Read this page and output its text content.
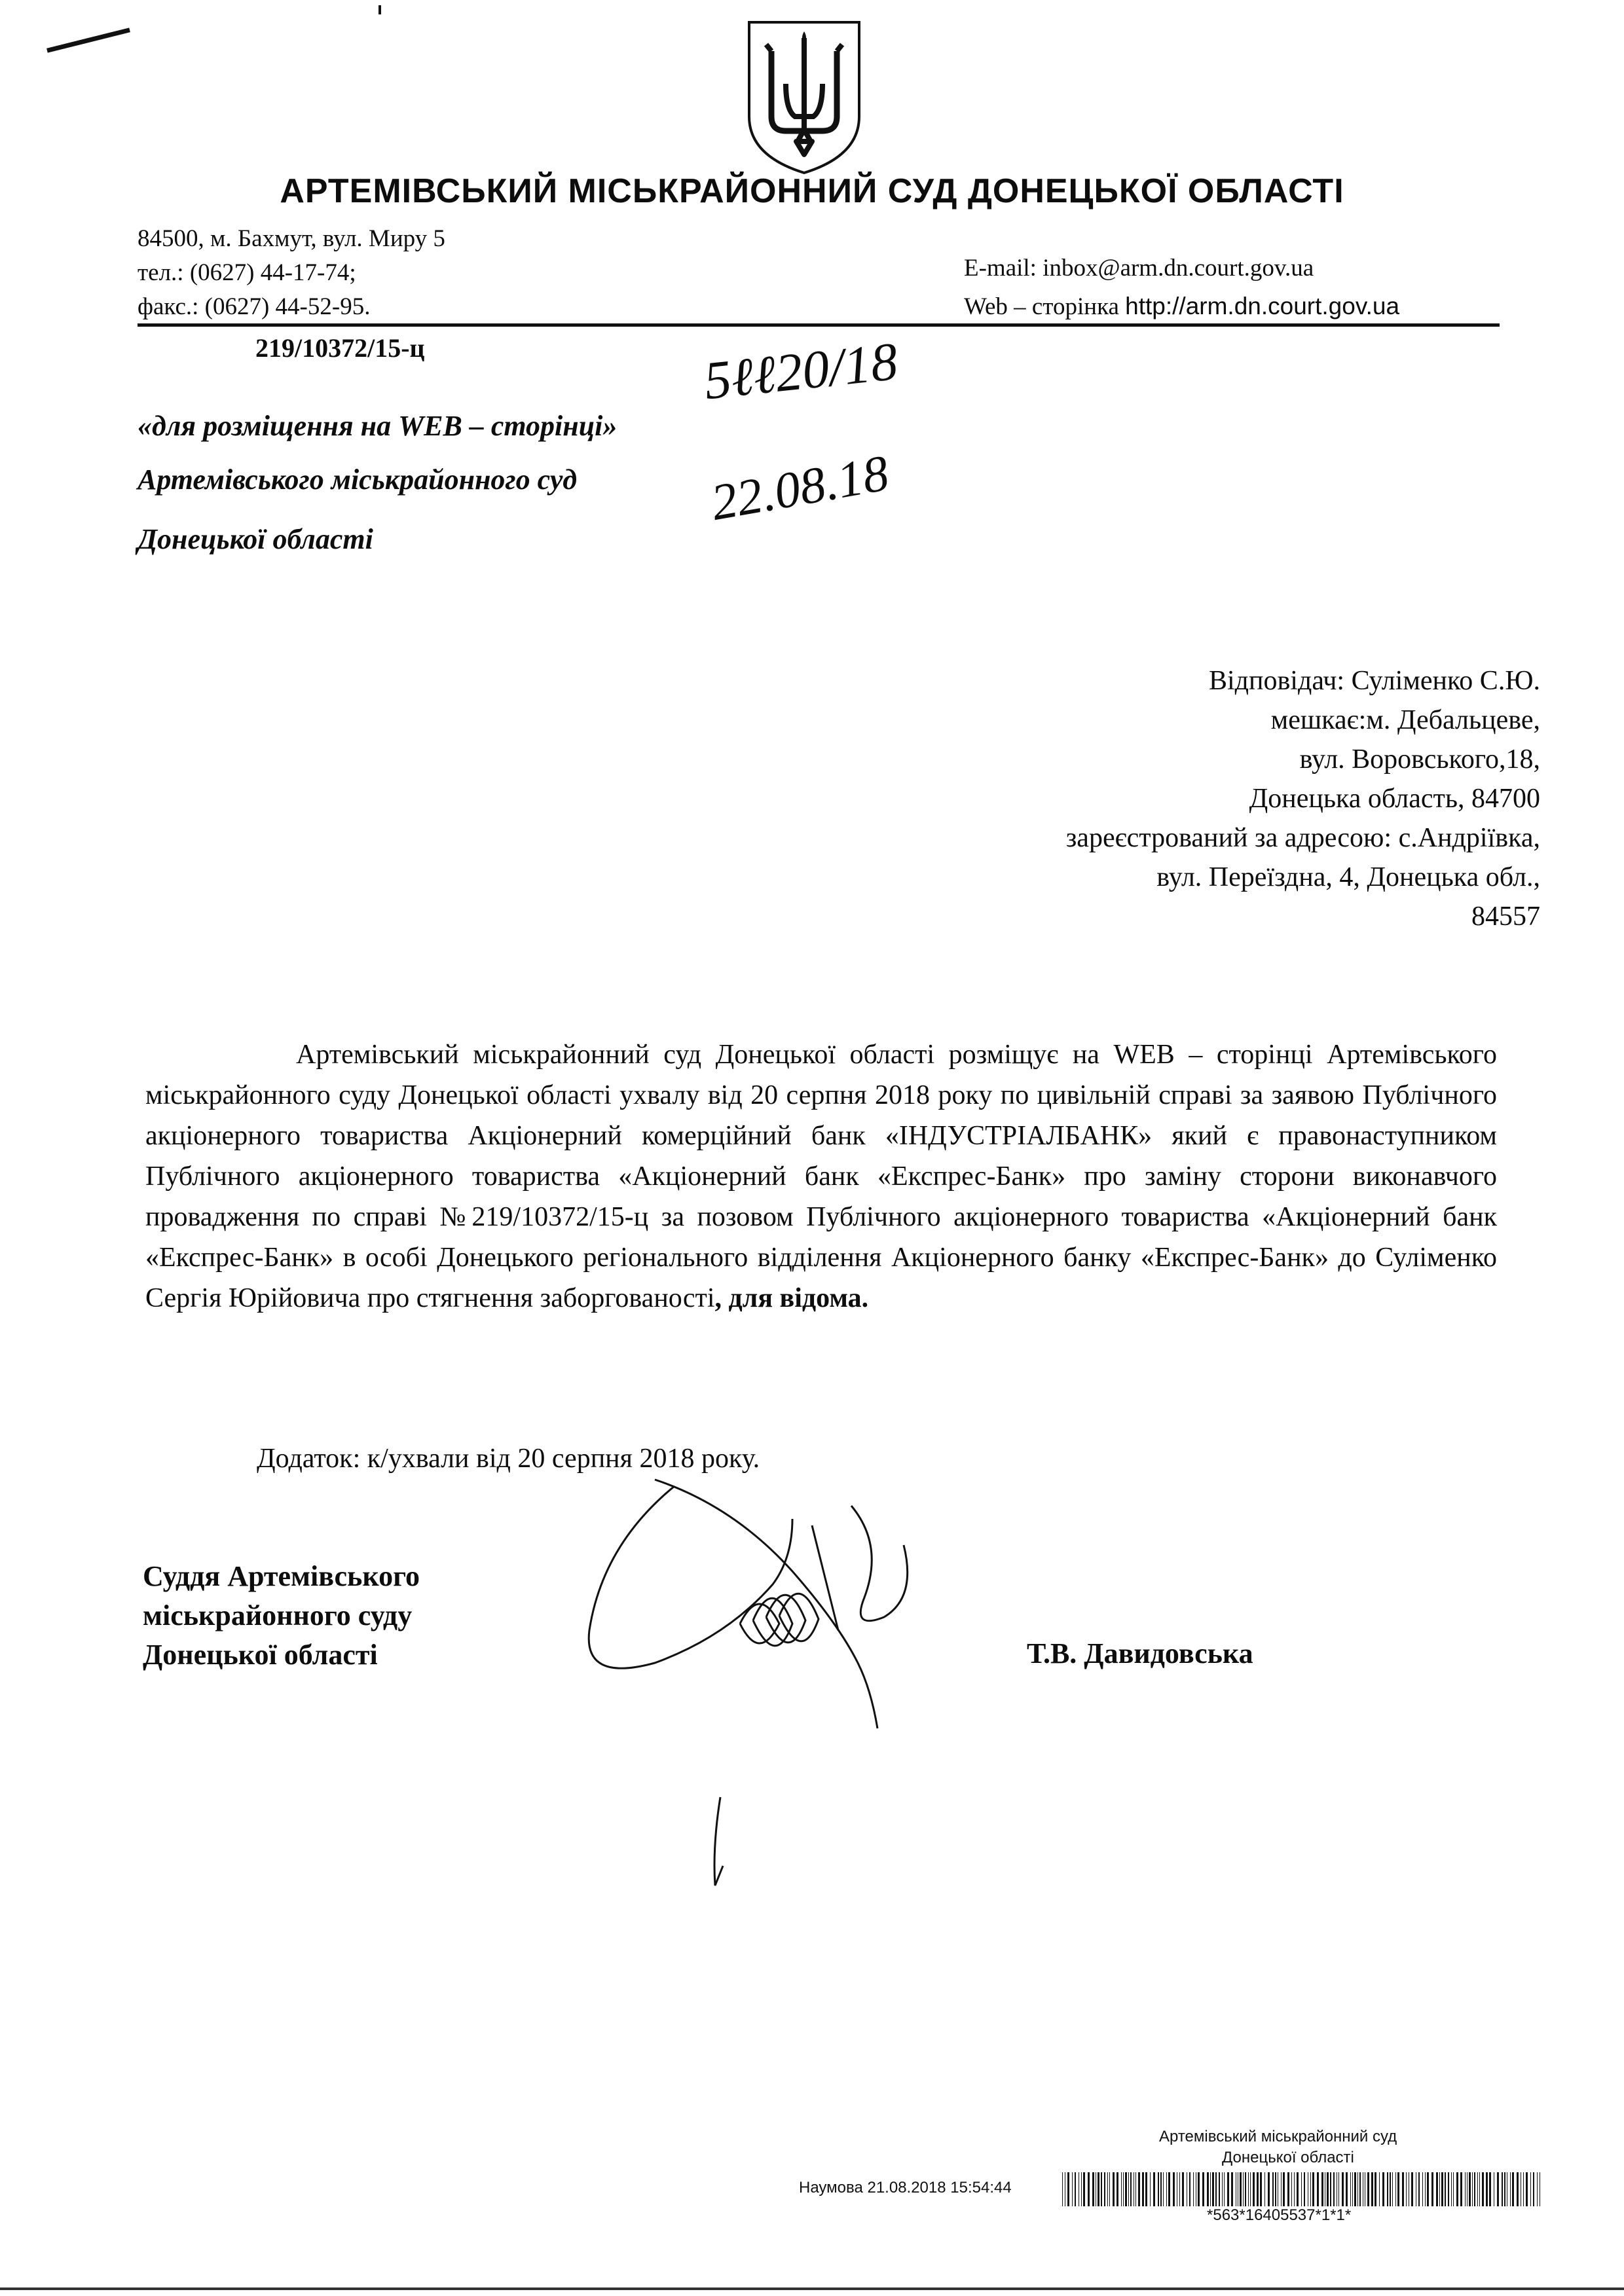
АРТЕМІВСЬКИЙ МІСЬКРАЙОННИЙ СУД ДОНЕЦЬКОЇ ОБЛАСТІ
84500, м. Бахмут, вул. Миру 5
тел.: (0627) 44-17-74;
факс.: (0627) 44-52-95.
E-mail: inbox@arm.dn.court.gov.ua
Web – сторінка http://arm.dn.court.gov.ua
219/10372/15-ц	5ℓℓ20/18
22.08.18
«для розміщення на WEB – сторінці»
Артемівського міськрайонного суд
Донецької області
Відповідач: Суліменко С.Ю.
мешкає:м. Дебальцеве,
вул. Воровського,18,
Донецька область, 84700
зареєстрований за адресою: с.Андріївка,
вул. Переїздна, 4, Донецька обл.,
84557

Артемівський міськрайонний суд Донецької області розміщує на WEB – сторінці Артемівського міськрайонного суду Донецької області ухвалу від 20 серпня 2018 року по цивільній справі за заявою Публічного акціонерного товариства Акціонерний комерційний банк «ІНДУСТРІАЛБАНК» який є правонаступником Публічного акціонерного товариства «Акціонерний банк «Експрес-Банк» про заміну сторони виконавчого провадження по справі №219/10372/15-ц за позовом Публічного акціонерного товариства «Акціонерний банк «Експрес-Банк» в особі Донецького регіонального відділення Акціонерного банку «Експрес-Банк» до Суліменко Сергія Юрійовича про стягнення заборгованості, для відома.

Додаток: к/ухвали від 20 серпня 2018 року.
Суддя Артемівського
міськрайонного суду
Донецької області	Т.В. Давидовська
Артемівський міськрайонний суд
Донецької області
Наумова 21.08.2018 15:54:44
*563*16405537*1*1*
